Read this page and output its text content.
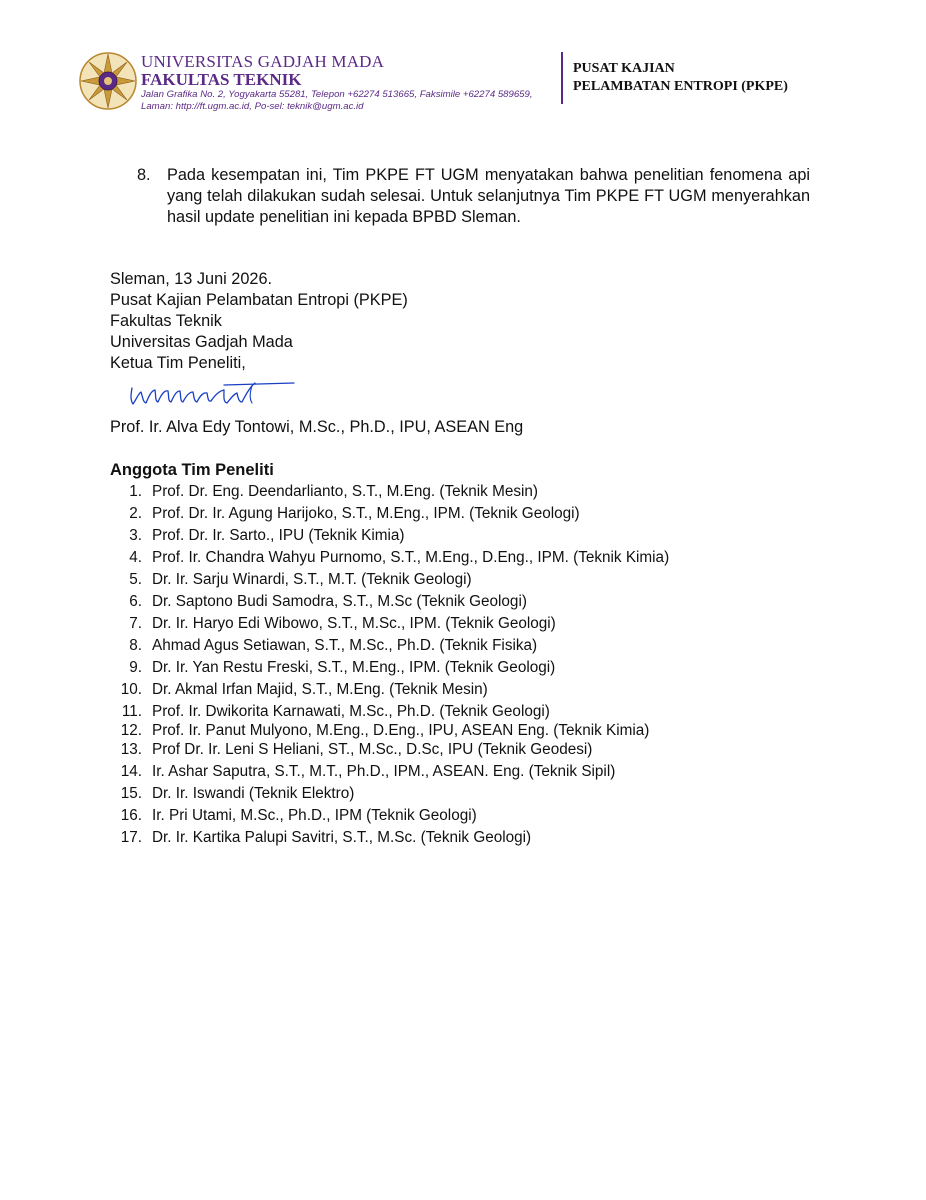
UNIVERSITAS GADJAH MADA
FAKULTAS TEKNIK
Jalan Grafika No. 2, Yogyakarta 55281, Telepon +62274 513665, Faksimile +62274 589659,
Laman: http://ft.ugm.ac.id, Po-sel: teknik@ugm.ac.id
PUSAT KAJIAN
PELAMBATAN ENTROPI (PKPE)
8. Pada kesempatan ini, Tim PKPE FT UGM menyatakan bahwa penelitian fenomena api yang telah dilakukan sudah selesai. Untuk selanjutnya Tim PKPE FT UGM menyerahkan hasil update penelitian ini kepada BPBD Sleman.
Sleman, 13 Juni 2026.
Pusat Kajian Pelambatan Entropi (PKPE)
Fakultas Teknik
Universitas Gadjah Mada
Ketua Tim Peneliti,
Prof. Ir. Alva Edy Tontowi, M.Sc., Ph.D., IPU, ASEAN Eng
Anggota Tim Peneliti
1. Prof. Dr. Eng. Deendarlianto, S.T., M.Eng. (Teknik Mesin)
2. Prof. Dr. Ir. Agung Harijoko, S.T., M.Eng., IPM. (Teknik Geologi)
3. Prof. Dr. Ir. Sarto., IPU (Teknik Kimia)
4. Prof. Ir. Chandra Wahyu Purnomo, S.T., M.Eng., D.Eng., IPM. (Teknik Kimia)
5. Dr. Ir. Sarju Winardi, S.T., M.T. (Teknik Geologi)
6. Dr. Saptono Budi Samodra, S.T., M.Sc (Teknik Geologi)
7. Dr. Ir. Haryo Edi Wibowo, S.T., M.Sc., IPM. (Teknik Geologi)
8. Ahmad Agus Setiawan, S.T., M.Sc., Ph.D. (Teknik Fisika)
9. Dr. Ir. Yan Restu Freski, S.T., M.Eng., IPM. (Teknik Geologi)
10. Dr. Akmal Irfan Majid, S.T., M.Eng. (Teknik Mesin)
11. Prof. Ir. Dwikorita Karnawati, M.Sc., Ph.D. (Teknik Geologi)
12. Prof. Ir. Panut Mulyono, M.Eng., D.Eng., IPU, ASEAN Eng. (Teknik Kimia)
13. Prof Dr. Ir. Leni S Heliani, ST., M.Sc., D.Sc, IPU (Teknik Geodesi)
14. Ir. Ashar Saputra, S.T., M.T., Ph.D., IPM., ASEAN. Eng. (Teknik Sipil)
15. Dr. Ir. Iswandi (Teknik Elektro)
16. Ir. Pri Utami, M.Sc., Ph.D., IPM (Teknik Geologi)
17. Dr. Ir. Kartika Palupi Savitri, S.T., M.Sc. (Teknik Geologi)
